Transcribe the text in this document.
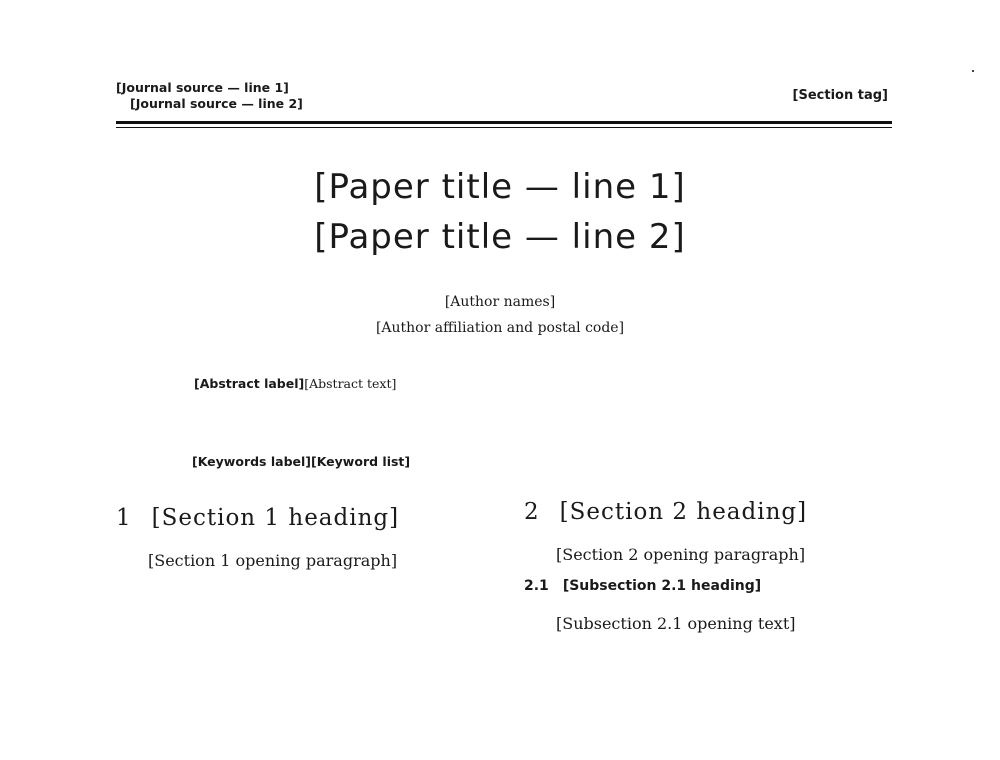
[Journal source — line 1]
[Journal source — line 2]
[Section tag]
[Paper title — line 1]
[Paper title — line 2]
[Author names]
[Author affiliation and postal code]
[Abstract label][Abstract text]
[Keywords label][Keyword list]
1 [Section 1 heading]

[Section 1 opening paragraph]

2 [Section 2 heading]

[Section 2 opening paragraph]

2.1 [Subsection 2.1 heading]

[Subsection 2.1 opening text]
